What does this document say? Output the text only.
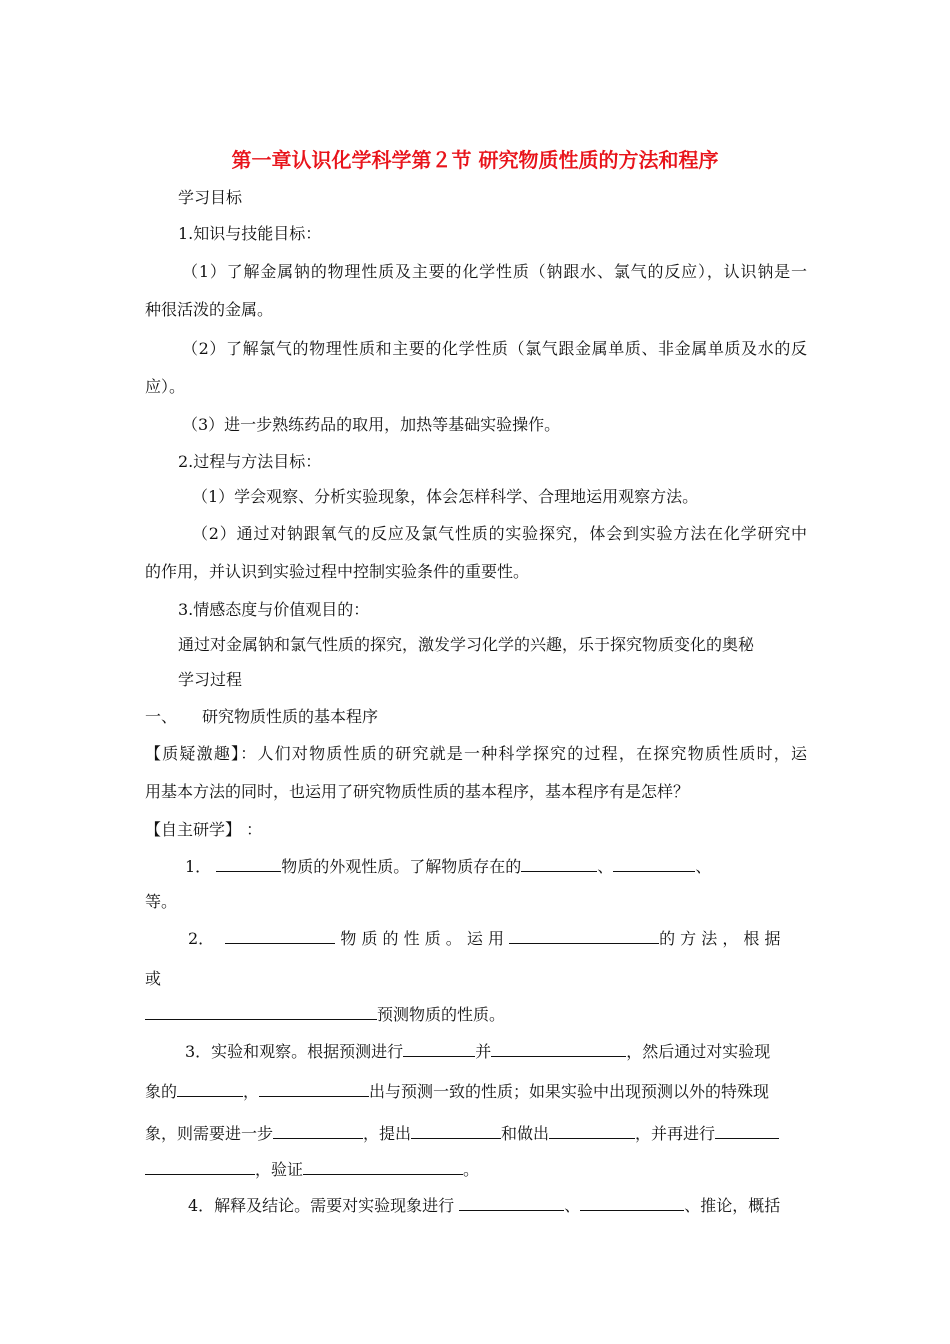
第一章认识化学科学第２节 研究物质性质的方法和程序
学习目标
1.知识与技能目标：
（1）了解金属钠的物理性质及主要的化学性质（钠跟水、氯气的反应），认识钠是一
种很活泼的金属。
（2）了解氯气的物理性质和主要的化学性质（氯气跟金属单质、非金属单质及水的反
应）。
（3）进一步熟练药品的取用，加热等基础实验操作。
2.过程与方法目标：
（1）学会观察、分析实验现象，体会怎样科学、合理地运用观察方法。
（2）通过对钠跟氧气的反应及氯气性质的实验探究，体会到实验方法在化学研究中
的作用，并认识到实验过程中控制实验条件的重要性。
3.情感态度与价值观目的：
通过对金属钠和氯气性质的探究，激发学习化学的兴趣，乐于探究物质变化的奥秘
学习过程
一、 研究物质性质的基本程序
【质疑激趣】：人们对物质性质的研究就是一种科学探究的过程，在探究物质性质时，运
用基本方法的同时，也运用了研究物质性质的基本程序，基本程序有是怎样？
【自主研学】 ：
1．	物质的外观性质。了解物质存在的	、	、
等。
2．	物 质 的 性 质 。 运 用	的 方 法 ， 根 据
或
预测物质的性质。
3．实验和观察。根据预测进行	并	，然后通过对实验现
象的	，	出与预测一致的性质；如果实验中出现预测以外的特殊现
象，则需要进一步	，提出	和做出	，并再进行
，验证	。
4．解释及结论。需要对实验现象进行	、	、推论，概括
